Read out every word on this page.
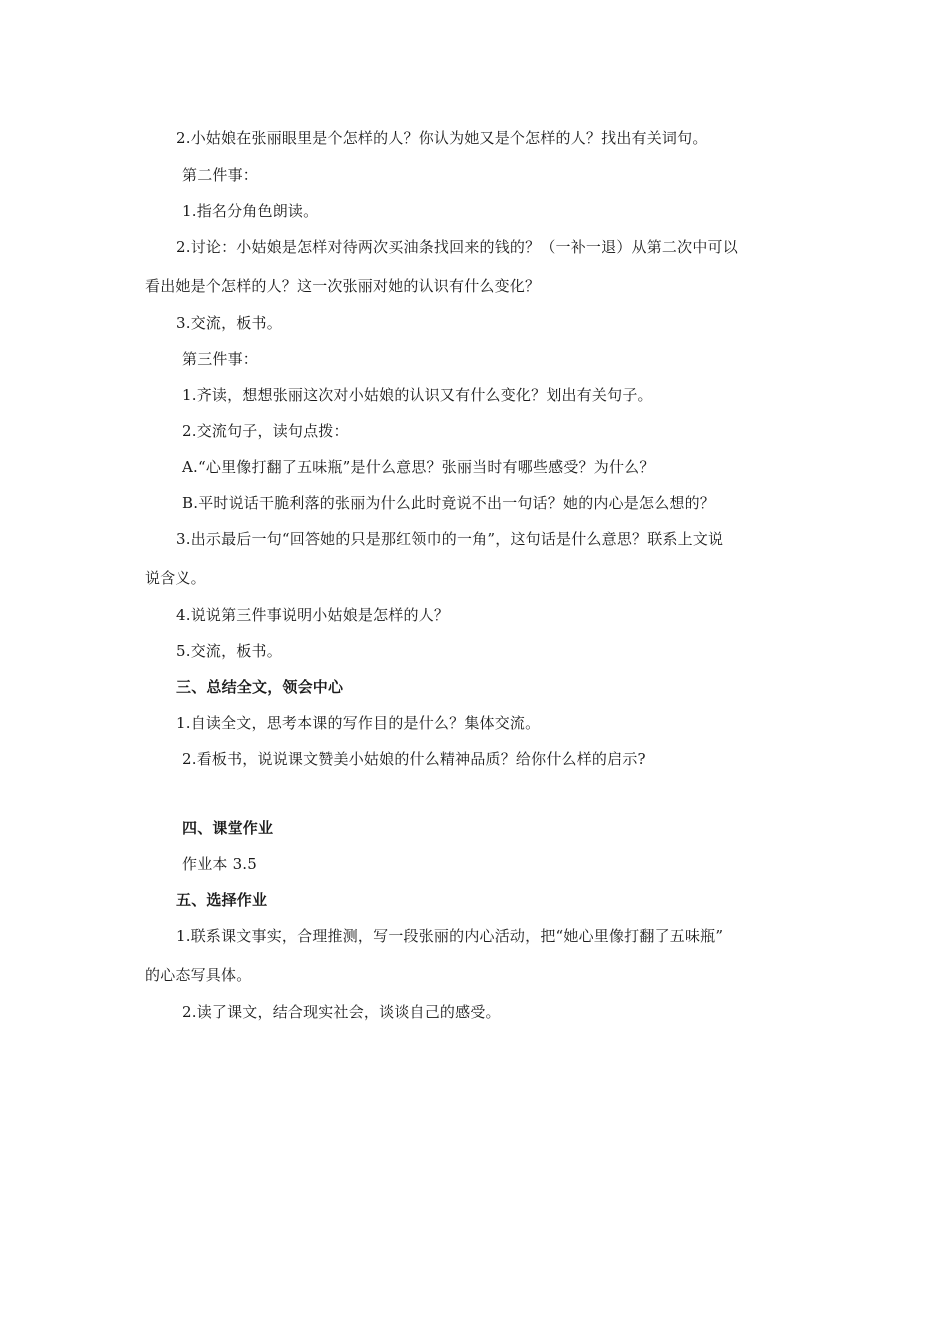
2.小姑娘在张丽眼里是个怎样的人？你认为她又是个怎样的人？找出有关词句。
第二件事：
1.指名分角色朗读。
2.讨论：小姑娘是怎样对待两次买油条找回来的钱的？（一补一退）从第二次中可以
看出她是个怎样的人？这一次张丽对她的认识有什么变化？
3.交流，板书。
第三件事：
1.齐读，想想张丽这次对小姑娘的认识又有什么变化？划出有关句子。
2.交流句子，读句点拨：
A.“心里像打翻了五味瓶”是什么意思？张丽当时有哪些感受？为什么？
B.平时说话干脆利落的张丽为什么此时竟说不出一句话？她的内心是怎么想的？
3.出示最后一句“回答她的只是那红领巾的一角”，这句话是什么意思？联系上文说
说含义。
4.说说第三件事说明小姑娘是怎样的人？
5.交流，板书。
三、总结全文，领会中心
1.自读全文，思考本课的写作目的是什么？集体交流。
2.看板书，说说课文赞美小姑娘的什么精神品质？给你什么样的启示?
四、课堂作业
作业本 3.5
五、选择作业
1.联系课文事实，合理推测，写一段张丽的内心活动，把“她心里像打翻了五味瓶”
的心态写具体。
2.读了课文，结合现实社会，谈谈自己的感受。
